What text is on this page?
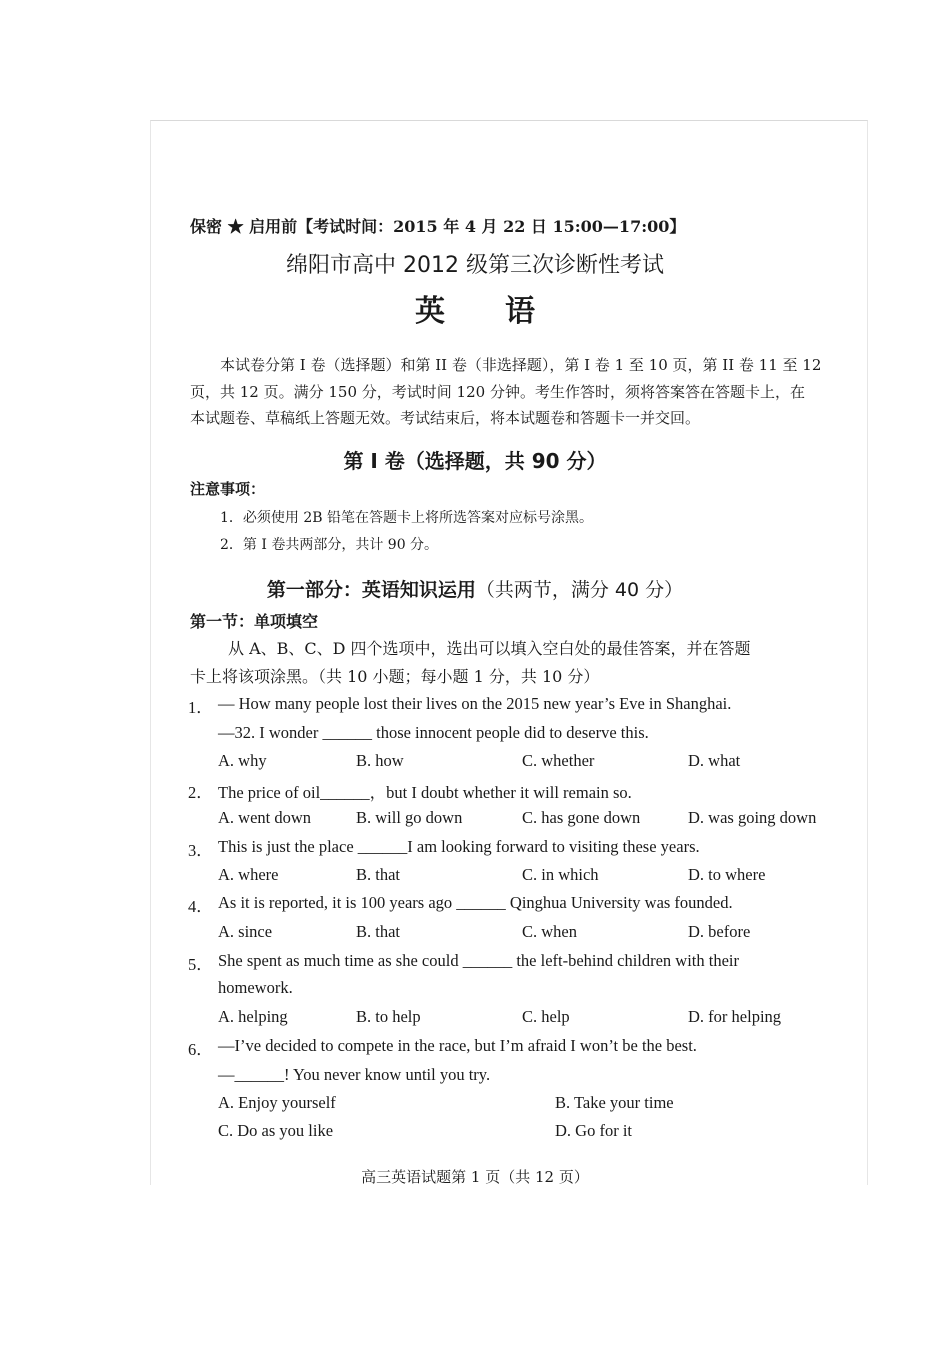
保密 ★ 启用前【考试时间：2015 年 4 月 22 日 15:00—17:00】
绵阳市高中 2012 级第三次诊断性考试
英语
本试卷分第 I 卷（选择题）和第 II 卷（非选择题），第 I 卷 1 至 10 页，第 II 卷 11 至 12
页，共 12 页。满分 150 分，考试时间 120 分钟。考生作答时，须将答案答在答题卡上，在
本试题卷、草稿纸上答题无效。考试结束后，将本试题卷和答题卡一并交回。
第 I 卷（选择题，共 90 分）
注意事项：
1．必须使用 2B 铅笔在答题卡上将所选答案对应标号涂黑。
2．第 I 卷共两部分，共计 90 分。
第一部分：英语知识运用（共两节，满分 40 分）
第一节：单项填空
从 A、B、C、D 四个选项中，选出可以填入空白处的最佳答案，并在答题
卡上将该项涂黑。（共 10 小题；每小题 1 分，共 10 分）
1． — How many people lost their lives on the 2015 new year’s Eve in Shanghai.
—32. I wonder ______ those innocent people did to deserve this.
A. why	B. how	C. whether	D. what
2． The price of oil______，but I doubt whether it will remain so.
A. went down	B. will go down	C. has gone down	D. was going down
3． This is just the place ______I am looking forward to visiting these years.
A. where	B. that	C. in which	D. to where
4． As it is reported, it is 100 years ago ______ Qinghua University was founded.
A. since	B. that	C. when	D. before
5． She spent as much time as she could ______ the left-behind children with their
homework.
A. helping	B. to help	C. help	D. for helping
6． —I’ve decided to compete in the race, but I’m afraid I won’t be the best.
—______! You never know until you try.
A. Enjoy yourself	B. Take your time
C. Do as you like	D. Go for it
高三英语试题第 1 页（共 12 页）
